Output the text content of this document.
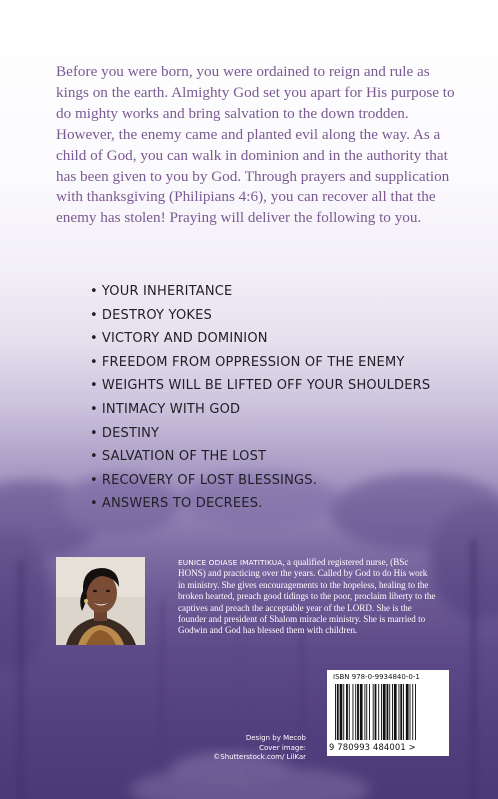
Before you were born, you were ordained to reign and rule as kings on the earth. Almighty God set you apart for His purpose to do mighty works and bring salvation to the down trodden. However, the enemy came and planted evil along the way. As a child of God, you can walk in dominion and in the authority that has been given to you by God. Through prayers and supplication with thanksgiving (Philipians 4:6), you can recover all that the enemy has stolen! Praying will deliver the following to you.

• YOUR INHERITANCE
• DESTROY YOKES
• VICTORY AND DOMINION
• FREEDOM FROM OPPRESSION OF THE ENEMY
• WEIGHTS WILL BE LIFTED OFF YOUR SHOULDERS
• INTIMACY WITH GOD
• DESTINY
• SALVATION OF THE LOST
• RECOVERY OF LOST BLESSINGS.
• ANSWERS TO DECREES.

EUNICE ODIASE IMATITIKUA, a qualified registered nurse, (BSc HONS) and practicing over the years. Called by God to do His work in ministry. She gives encouragements to the hopeless, healing to the broken hearted, preach good tidings to the poor, proclaim liberty to the captives and preach the acceptable year of the LORD. She is the founder and president of Shalom miracle ministry. She is married to Godwin and God has blessed them with children.

Design by Mecob
Cover image:
©Shutterstock.com/ LilKar
ISBN 978-0-9934840-0-1
9 780993 484001 >
